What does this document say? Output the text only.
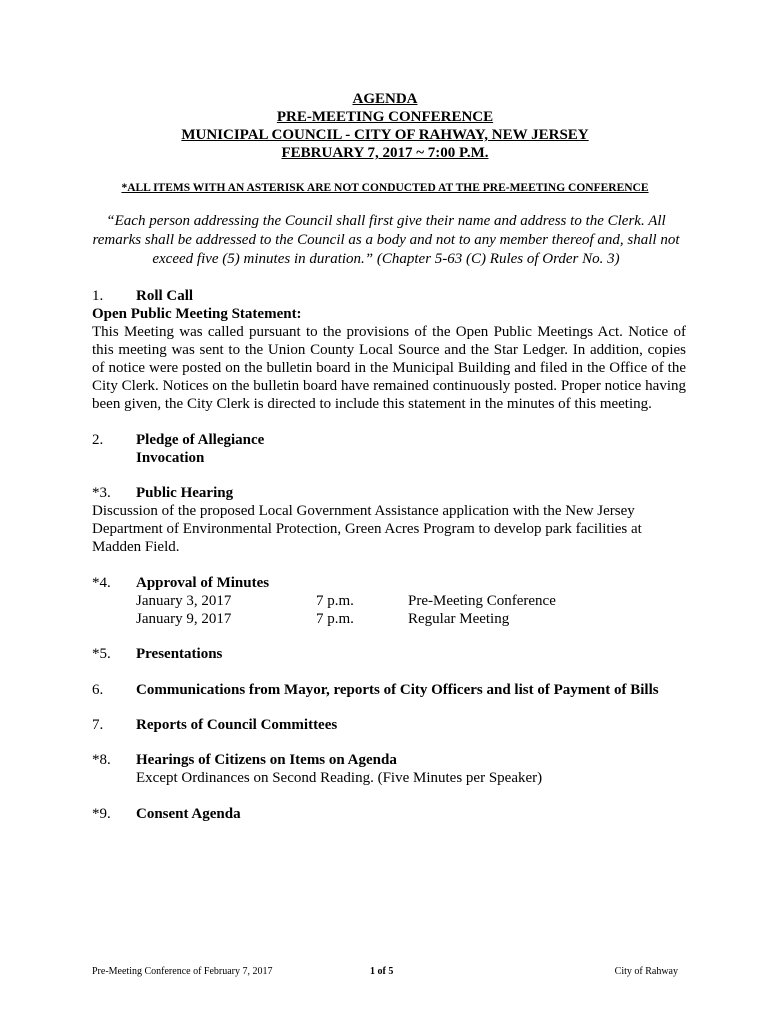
AGENDA
PRE-MEETING CONFERENCE
MUNICIPAL COUNCIL - CITY OF RAHWAY, NEW JERSEY
FEBRUARY 7, 2017 ~ 7:00 P.M.
*ALL ITEMS WITH AN ASTERISK ARE NOT CONDUCTED AT THE PRE-MEETING CONFERENCE
“Each person addressing the Council shall first give their name and address to the Clerk. All remarks shall be addressed to the Council as a body and not to any member thereof and, shall not exceed five (5) minutes in duration.” (Chapter 5-63 (C) Rules of Order No. 3)
1.	Roll Call
Open Public Meeting Statement:
This Meeting was called pursuant to the provisions of the Open Public Meetings Act. Notice of this meeting was sent to the Union County Local Source and the Star Ledger. In addition, copies of notice were posted on the bulletin board in the Municipal Building and filed in the Office of the City Clerk. Notices on the bulletin board have remained continuously posted. Proper notice having been given, the City Clerk is directed to include this statement in the minutes of this meeting.
2.	Pledge of Allegiance
Invocation
*3.	Public Hearing
Discussion of the proposed Local Government Assistance application with the New Jersey Department of Environmental Protection, Green Acres Program to develop park facilities at Madden Field.
*4.	Approval of Minutes
January 3, 2017	7 p.m.	Pre-Meeting Conference
January 9, 2017	7 p.m.	Regular Meeting
*5.	Presentations
6.	Communications from Mayor, reports of City Officers and list of Payment of Bills
7.	Reports of Council Committees
*8.	Hearings of Citizens on Items on Agenda
Except Ordinances on Second Reading. (Five Minutes per Speaker)
*9.	Consent Agenda
Pre-Meeting Conference of February 7, 2017	1 of 5	City of Rahway
